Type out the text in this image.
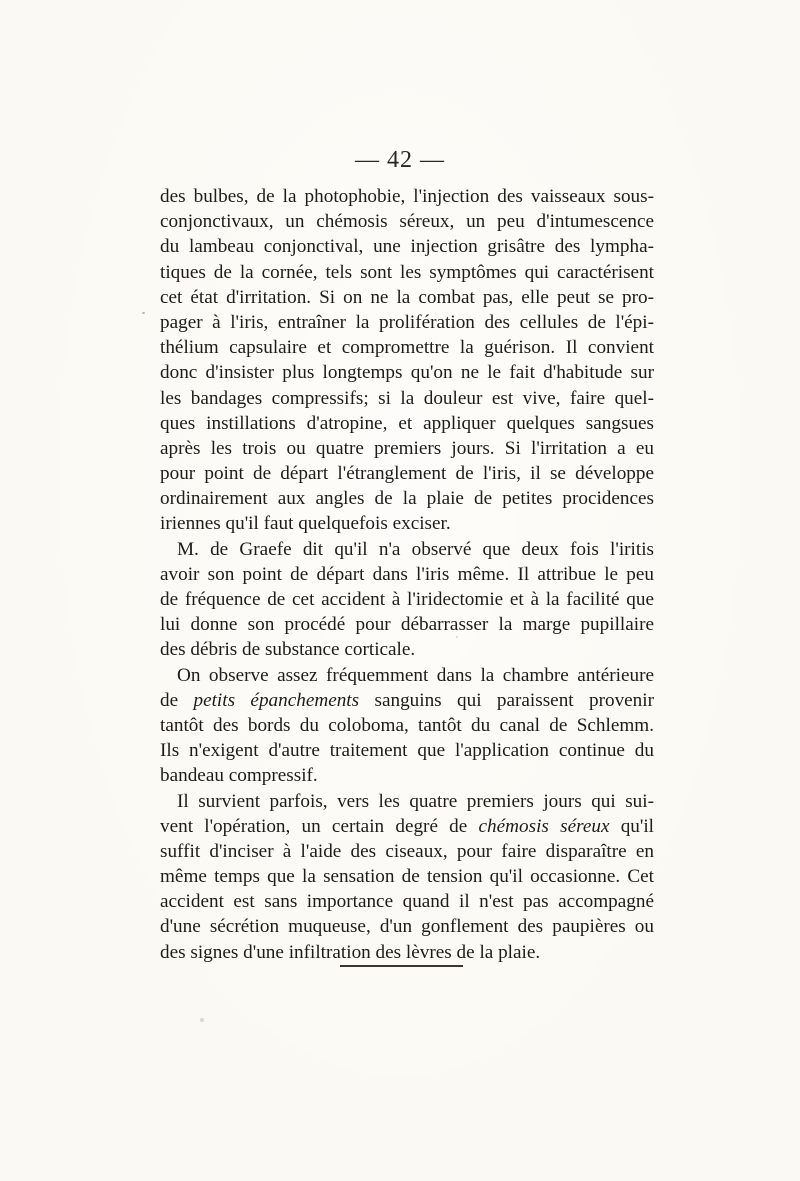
— 42 —
des bulbes, de la photophobie, l'injection des vaisseaux sous-
conjonctivaux, un chémosis séreux, un peu d'intumescence
du lambeau conjonctival, une injection grisâtre des lympha-
tiques de la cornée, tels sont les symptômes qui caractérisent
cet état d'irritation. Si on ne la combat pas, elle peut se pro-
pager à l'iris, entraîner la prolifération des cellules de l'épi-
thélium capsulaire et compromettre la guérison. Il convient
donc d'insister plus longtemps qu'on ne le fait d'habitude sur
les bandages compressifs; si la douleur est vive, faire quel-
ques instillations d'atropine, et appliquer quelques sangsues
après les trois ou quatre premiers jours. Si l'irritation a eu
pour point de départ l'étranglement de l'iris, il se développe
ordinairement aux angles de la plaie de petites procidences
iriennes qu'il faut quelquefois exciser.
M. de Graefe dit qu'il n'a observé que deux fois l'iritis
avoir son point de départ dans l'iris même. Il attribue le peu
de fréquence de cet accident à l'iridectomie et à la facilité que
lui donne son procédé pour débarrasser la marge pupillaire
des débris de substance corticale.
On observe assez fréquemment dans la chambre antérieure
de petits épanchements sanguins qui paraissent provenir
tantôt des bords du coloboma, tantôt du canal de Schlemm.
Ils n'exigent d'autre traitement que l'application continue du
bandeau compressif.
Il survient parfois, vers les quatre premiers jours qui sui-
vent l'opération, un certain degré de chémosis séreux qu'il
suffit d'inciser à l'aide des ciseaux, pour faire disparaître en
même temps que la sensation de tension qu'il occasionne. Cet
accident est sans importance quand il n'est pas accompagné
d'une sécrétion muqueuse, d'un gonflement des paupières ou
des signes d'une infiltration des lèvres de la plaie.
